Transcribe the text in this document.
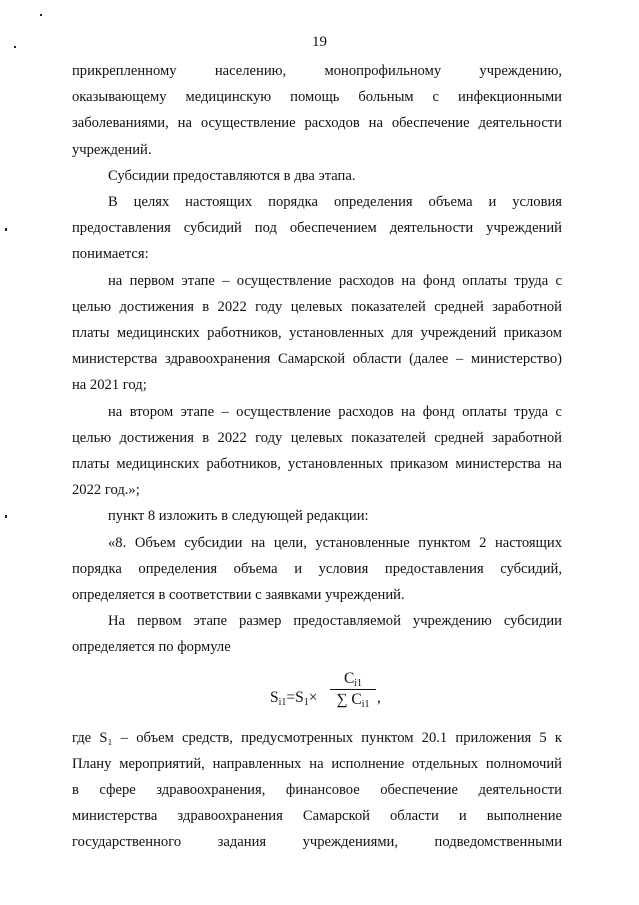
19

прикрепленному населению, монопрофильному учреждению,

оказывающему медицинскую помощь больным с инфекционными

заболеваниями, на осуществление расходов на обеспечение деятельности

учреждений.

Субсидии предоставляются в два этапа.

В целях настоящих порядка определения объема и условия

предоставления субсидий под обеспечением деятельности учреждений

понимается:

на первом этапе – осуществление расходов на фонд оплаты труда с

целью достижения в 2022 году целевых показателей средней заработной

платы медицинских работников, установленных для учреждений приказом

министерства здравоохранения Самарской области (далее – министерство)

на 2021 год;

на втором этапе – осуществление расходов на фонд оплаты труда с

целью достижения в 2022 году целевых показателей средней заработной

платы медицинских работников, установленных приказом министерства на

2022 год.»;

пункт 8 изложить в следующей редакции:

«8. Объем субсидии на цели, установленные пунктом 2 настоящих

порядка определения объема и условия предоставления субсидий,

определяется в соответствии с заявками учреждений.

На первом этапе размер предоставляемой учреждению субсидии

определяется по формуле

$S_{i1}=S_1\times$
$C_{i1}$
∑ $C_{i1}$ ,

где S₁ – объем средств, предусмотренных пунктом 20.1 приложения 5 к

Плану мероприятий, направленных на исполнение отдельных полномочий

в сфере здравоохранения, финансовое обеспечение деятельности

министерства здравоохранения Самарской области и выполнение

государственного задания учреждениями, подведомственными
